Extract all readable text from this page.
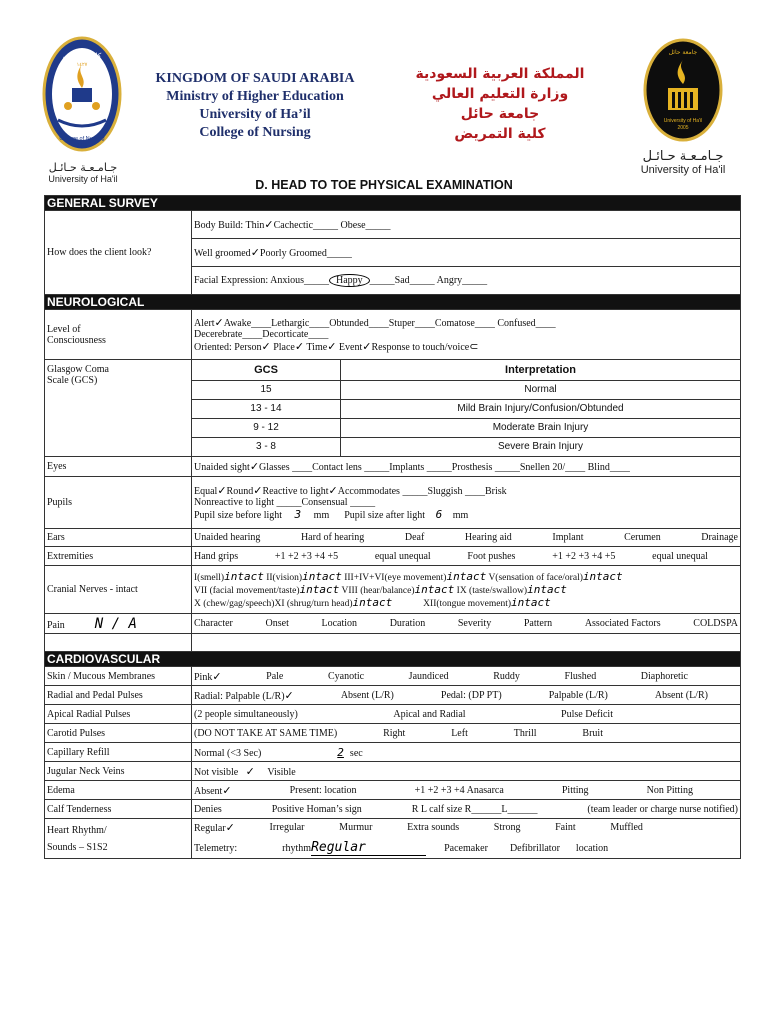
كلية التمريض
١٤٢٧
College of Nursing
2011
جـامـعـة حـائـل
University of Ha'il
KINGDOM OF SAUDI ARABIA
Ministry of Higher Education
University of Ha’il
College of Nursing
المملكة العربية السعودية
وزارة التعليم العالي
جامعة حائل
كلية التمريض
جامعة حائل
University of Ha'il
2005
جـامـعـة حـائـل
University of Ha'il
D. HEAD TO TOE PHYSICAL EXAMINATION
GENERAL SURVEY
How does the client look?	Body Build: Thin✓Cachectic_____ Obese_____
Well groomed✓Poorly Groomed_____
Facial Expression: Anxious_____ Happy _____Sad_____ Angry_____
NEUROLOGICAL

Level of
Consciousness

Alert✓Awake____Lethargic____Obtunded____Stuper____Comatose____ Confused____
Decerebrate____Decorticate____
Oriented: Person✓ Place✓ Time✓ Event✓Response to touch/voice⊂

Glasgow Coma
Scale (GCS)

GCS	Interpretation
15	Normal
13 - 14	Mild Brain Injury/Confusion/Obtunded
9 - 12	Moderate Brain Injury
3 - 8	Severe Brain Injury

Eyes	Unaided sight✓Glasses ____Contact lens _____Implants _____Prosthesis _____Snellen 20/____ Blind____
Pupils	
Equal✓Round✓Reactive to light✓Accommodates _____Sluggish ____Brisk
Nonreactive to light _____Consensual _____
Pupil size before light 3 mm Pupil size after light 6 mm

Ears	Unaided hearing	Hard of hearing	Deaf	Hearing aid	Implant	Cerumen	Drainage

Extremities	Hand grips	+1 +2 +3 +4 +5	equal unequal	Foot pushes	+1 +2 +3 +4 +5	equal unequal

Cranial Nerves - intact	
I(smell)intact II(vision)intact III+IV+VI(eye movement)intact V(sensation of face/oral)intact
VII (facial movement/taste)intact VIII (hear/balance)intact IX (taste/swallow)intact
X (chew/gag/speech)XI (shrug/turn head)intact	XII(tongue movement)intact

Pain N / A	Character	Onset	Location	Duration	Severity	Pattern	Associated Factors	COLDSPA

CARDIOVASCULAR
Skin / Mucous Membranes	Pink✓	Pale	Cyanotic	Jaundiced	Ruddy	Flushed	Diaphoretic

Radial and Pedal Pulses	Radial: Palpable (L/R)✓	Absent (L/R)	Pedal: (DP PT)	Palpable (L/R)	Absent (L/R)

Apical Radial Pulses	(2 people simultaneously)	Apical and Radial	Pulse Deficit

Carotid Pulses	(DO NOT TAKE AT SAME TIME)	Right	Left	Thrill	Bruit

Capillary Refill	Normal (<3 Sec)	2 sec
Jugular Neck Veins	Not visible ✓ Visible
Edema	Absent✓	Present: location	+1 +2 +3 +4 Anasarca	Pitting	Non Pitting

Calf Tenderness	Denies	Positive Homan’s sign	R L calf size R______L______	(team leader or charge nurse notified)

Heart Rhythm/
Sounds – S1S2

Regular✓	Irregular	Murmur	Extra sounds	Strong	Faint	Muffled
Telemetry:	rhythmRegular	Pacemaker Defibrillator location
